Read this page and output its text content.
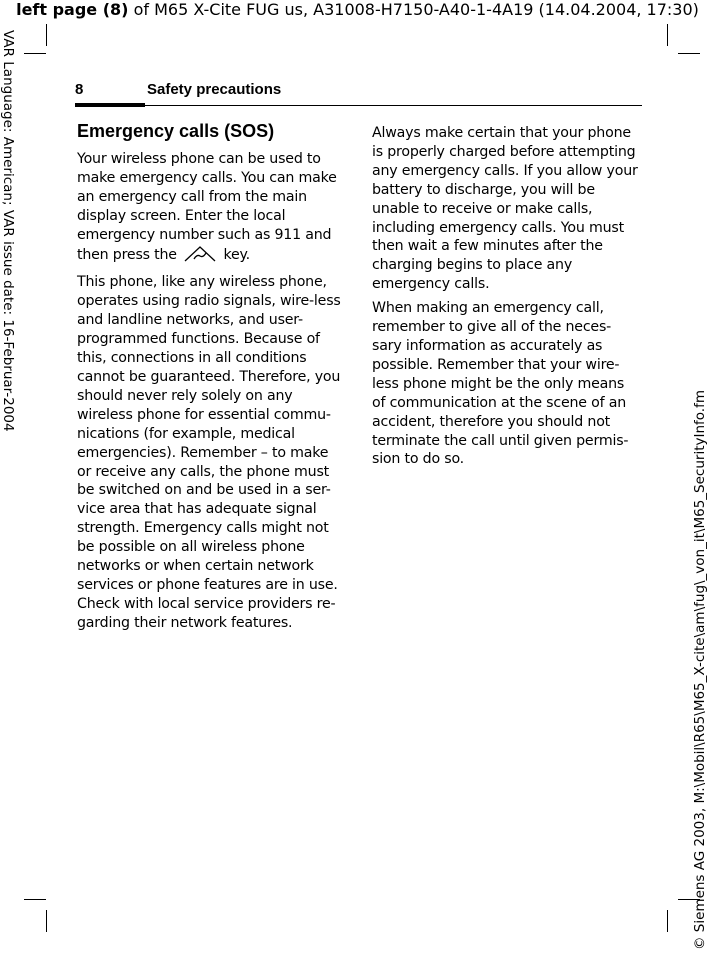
left page (8) of M65 X-Cite FUG us, A31008-H7150-A40-1-4A19 (14.04.2004, 17:30)
VAR Language: American; VAR issue date: 16-Februar-2004
© Siemens AG 2003, M:\Mobil\R65\M65_X-cite\am\fug\_von_it\M65_SecurityInfo.fm
8	Safety precautions
Emergency calls (SOS)

Your wireless phone can be used to make emergency calls. You can make an emergency call from the main display screen. Enter the local emergency number such as 911 and then press the	key.

This phone, like any wireless phone, operates using radio signals, wire-less and landline networks, and user-programmed functions. Because of this, connections in all conditions cannot be guaranteed. Therefore, you should never rely solely on any wireless phone for essential commu-nications (for example, medical emergencies). Remember – to make or receive any calls, the phone must be switched on and be used in a ser-vice area that has adequate signal strength. Emergency calls might not be possible on all wireless phone networks or when certain network services or phone features are in use. Check with local service providers re-garding their network features.

Always make certain that your phone is properly charged before attempting any emergency calls. If you allow your battery to discharge, you will be unable to receive or make calls, including emergency calls. You must then wait a few minutes after the charging begins to place any emergency calls.

When making an emergency call, remember to give all of the neces-sary information as accurately as possible. Remember that your wire-less phone might be the only means of communication at the scene of an accident, therefore you should not terminate the call until given permis-sion to do so.
